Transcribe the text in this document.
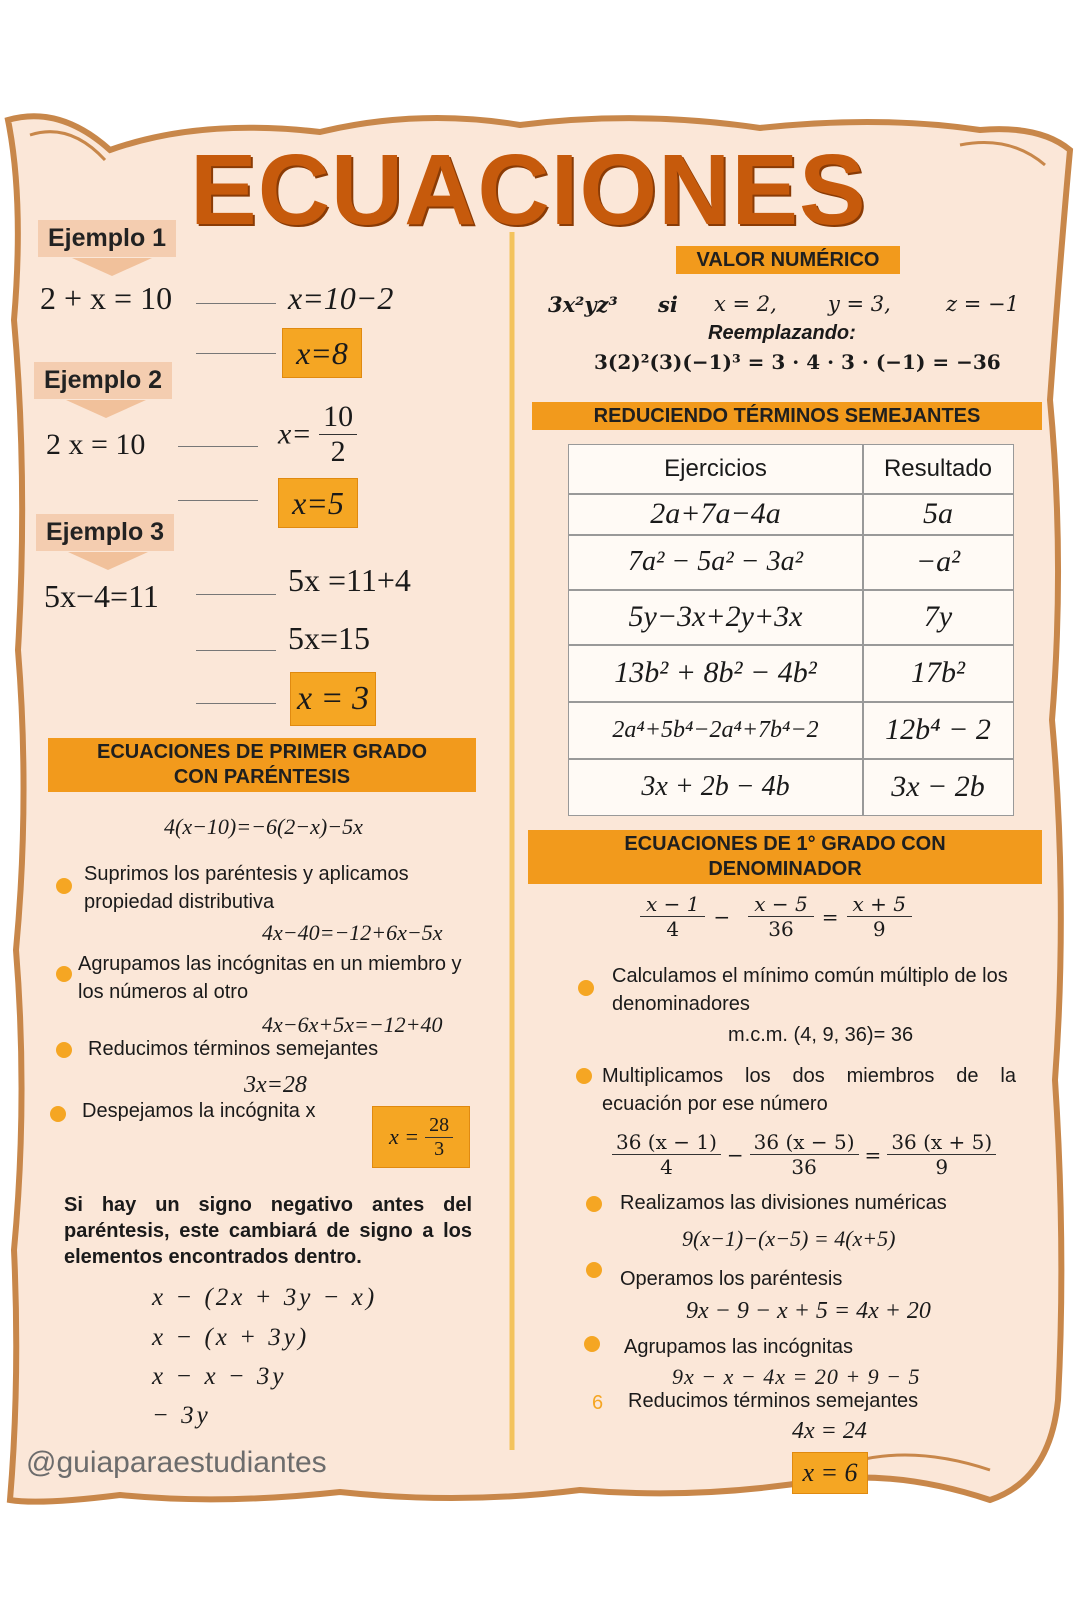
ECUACIONES
Ejemplo 1
2 + x = 10	x=10−2
x=8
Ejemplo 2
2 x = 10	$x= \frac{10}{2}$
x=5
Ejemplo 3
5x−4=11	5x =11+4
5x=15
x = 3
ECUACIONES DE PRIMER GRADO
CON PARÉNTESIS
4(x−10)=−6(2−x)−5x
Suprimos los paréntesis y aplicamos propiedad distributiva
4x−40=−12+6x−5x
Agrupamos las incógnitas en un miembro y los números al otro
4x−6x+5x=−12+40
Reducimos términos semejantes
3x=28
Despejamos la incógnita x
$x = \frac{28}{3}$
Si hay un signo negativo antes del paréntesis, este cambiará de signo a los elementos encontrados dentro.
x − (2x + 3y − x)
x − (x + 3y)
x − x − 3y
− 3y
@guiaparaestudiantes
VALOR NUMÉRICO
3x²yz³ si x = 2, y = 3,	z = −1
Reemplazando:
3(2)²(3)(−1)³ = 3 · 4 · 3 · (−1) = −36
REDUCIENDO TÉRMINOS SEMEJANTES
Ejercicios	Resultado
2a+7a−4a	5a
7a² − 5a² − 3a²	−a²
5y−3x+2y+3x	7y
13b² + 8b² − 4b²	17b²
2a⁴+5b⁴−2a⁴+7b⁴−2	12b⁴ − 2
3x + 2b − 4b	3x − 2b
ECUACIONES DE 1° GRADO CON
DENOMINADOR
$\frac{x - 1}{4} - \frac{x - 5}{36} = \frac{x + 5}{9}$
Calculamos el mínimo común múltiplo de los denominadores
m.c.m. (4, 9, 36)= 36
Multiplicamos los dos miembros de la ecuación por ese número
$\frac{36 (x - 1)}{4} - \frac{36 (x - 5)}{36} = \frac{36 (x + 5)}{9}$
Realizamos las divisiones numéricas
9(x−1)−(x−5) = 4(x+5)
Operamos los paréntesis
9x − 9 − x + 5 = 4x + 20
Agrupamos las incógnitas
9x − x − 4x = 20 + 9 − 5
6 Reducimos términos semejantes
4x = 24
x = 6
